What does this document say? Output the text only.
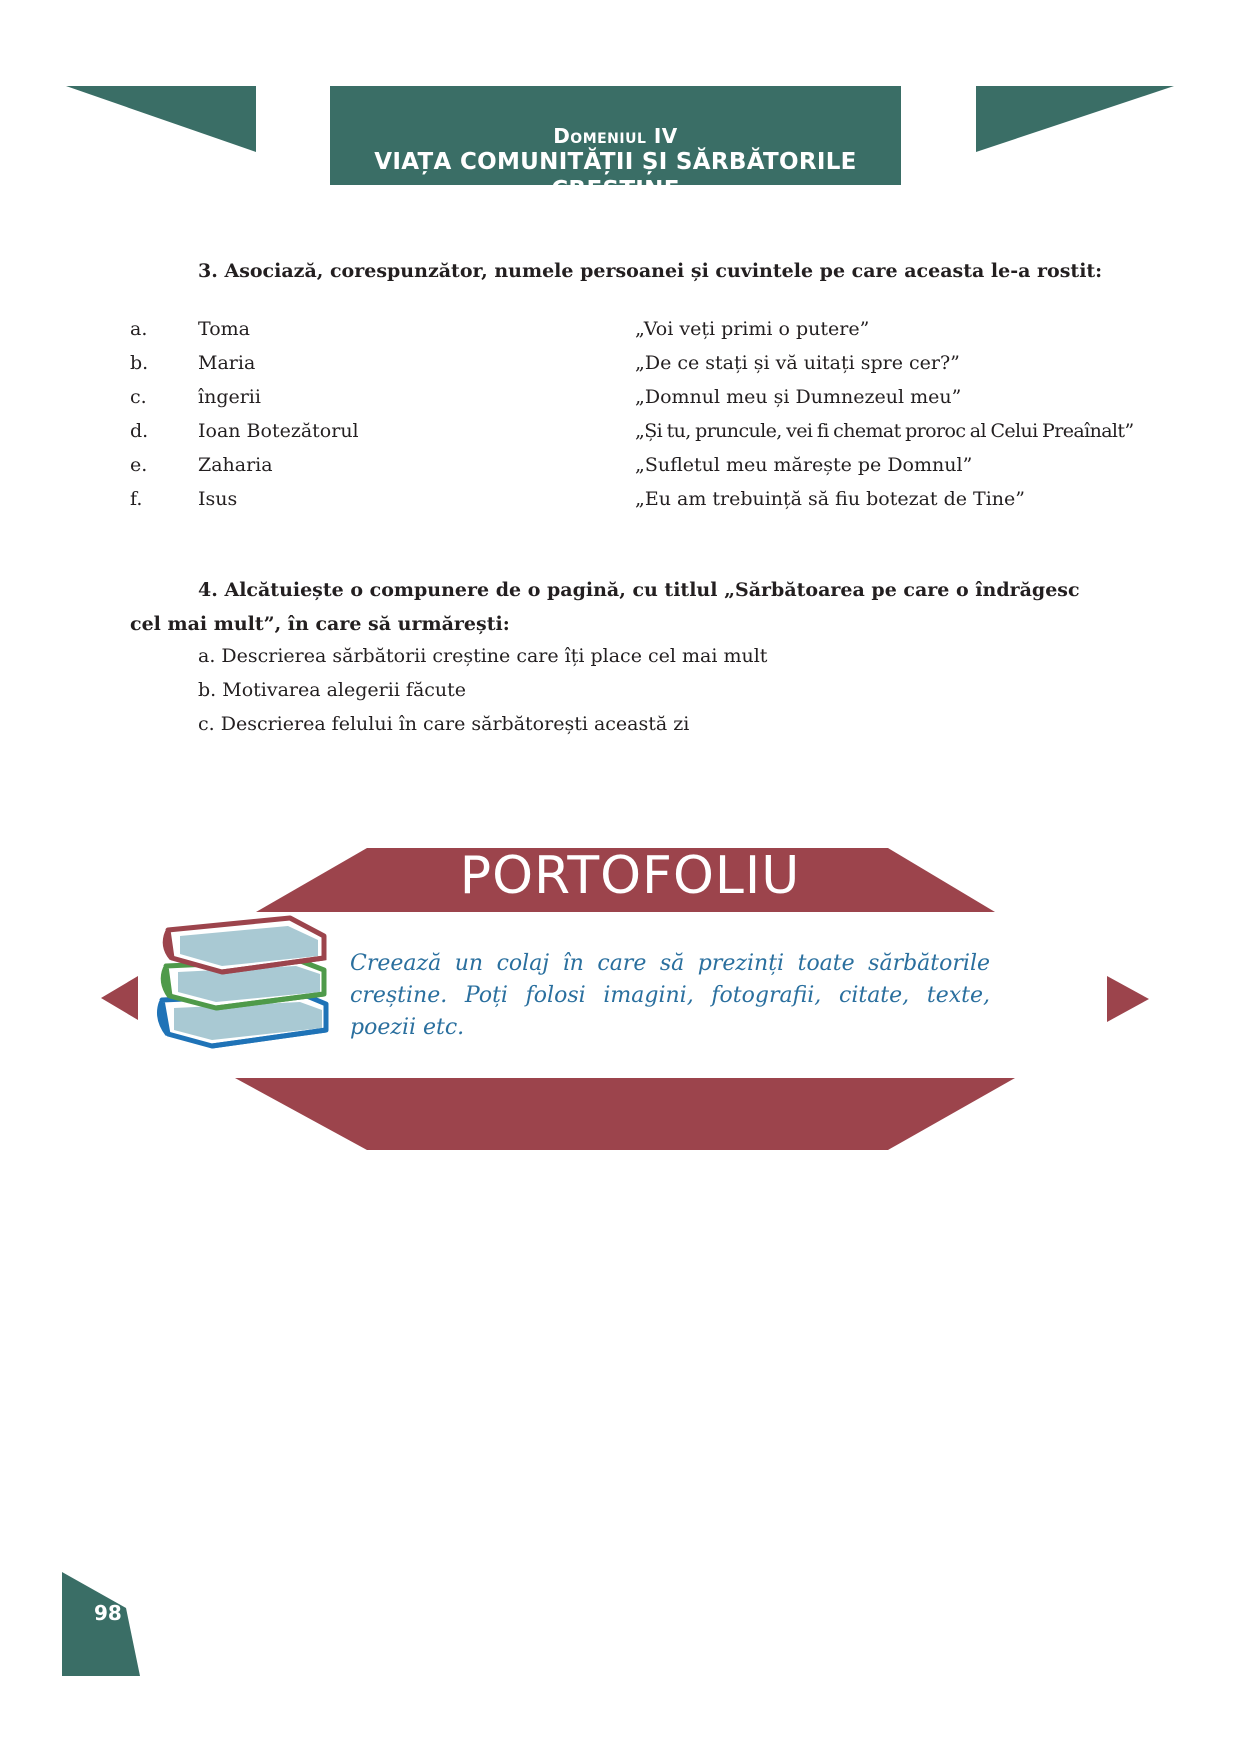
Domeniul IV
VIAȚA COMUNITĂȚII ȘI SĂRBĂTORILE CREȘTINE
3. Asociază, corespunzător, numele persoanei și cuvintele pe care aceasta le-a rostit:
a.	Toma	„Voi veți primi o putere”
b.	Maria	„De ce stați și vă uitați spre cer?”
c.	îngerii	„Domnul meu și Dumnezeul meu”
d.	Ioan Botezătorul	„Și tu, pruncule, vei fi chemat proroc al Celui Preaînalt”
e.	Zaharia	„Sufletul meu mărește pe Domnul”
f.	Isus	„Eu am trebuință să fiu botezat de Tine”
4. Alcătuiește o compunere de o pagină, cu titlul „Sărbătoarea pe care o îndrăgesc cel mai mult”, în care să urmărești:
a. Descrierea sărbătorii creștine care îți place cel mai mult
b. Motivarea alegerii făcute
c. Descrierea felului în care sărbătorești această zi
PORTOFOLIU
Creează un colaj în care să prezinți toate sărbătorile creștine. Poți folosi imagini, fotografii, citate, texte, poezii etc.
98
